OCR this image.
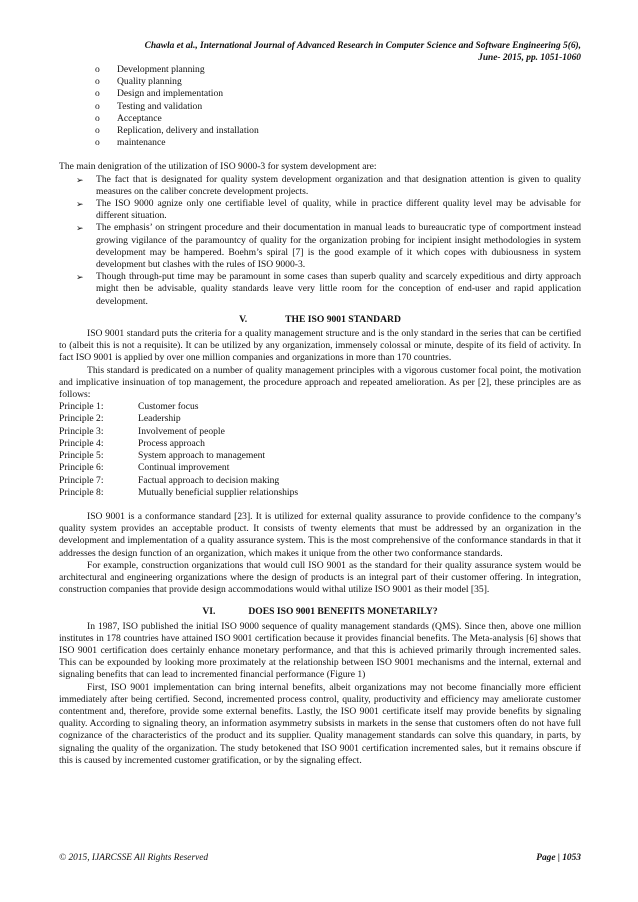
Chawla et al., International Journal of Advanced Research in Computer Science and Software Engineering 5(6),
June- 2015, pp. 1051-1060
o Development planning
o Quality planning
o Design and implementation
o Testing and validation
o Acceptance
o Replication, delivery and installation
o maintenance

The main denigration of the utilization of ISO 9000-3 for system development are:

➢ The fact that is designated for quality system development organization and that designation attention is given to quality measures on the caliber concrete development projects.
➢ The ISO 9000 agnize only one certifiable level of quality, while in practice different quality level may be advisable for different situation.
➢ The emphasis’ on stringent procedure and their documentation in manual leads to bureaucratic type of comportment instead growing vigilance of the paramountcy of quality for the organization probing for incipient insight methodologies in system development may be hampered. Boehm’s spiral [7] is the good example of it which copes with dubiousness in system development but clashes with the rules of ISO 9000-3.
➢ Though through-put time may be paramount in some cases than superb quality and scarcely expeditious and dirty approach might then be advisable, quality standards leave very little room for the conception of end-user and rapid application development.
V.	THE ISO 9001 STANDARD

ISO 9001 standard puts the criteria for a quality management structure and is the only standard in the series that can be certified to (albeit this is not a requisite). It can be utilized by any organization, immensely colossal or minute, despite of its field of activity. In fact ISO 9001 is applied by over one million companies and organizations in more than 170 countries.

This standard is predicated on a number of quality management principles with a vigorous customer focal point, the motivation and implicative insinuation of top management, the procedure approach and repeated amelioration. As per [2], these principles are as follows:

Principle 1:	Customer focus
Principle 2:	Leadership
Principle 3:	Involvement of people
Principle 4:	Process approach
Principle 5:	System approach to management
Principle 6:	Continual improvement
Principle 7:	Factual approach to decision making
Principle 8:	Mutually beneficial supplier relationships

ISO 9001 is a conformance standard [23]. It is utilized for external quality assurance to provide confidence to the company’s quality system provides an acceptable product. It consists of twenty elements that must be addressed by an organization in the development and implementation of a quality assurance system. This is the most comprehensive of the conformance standards in that it addresses the design function of an organization, which makes it unique from the other two conformance standards.

For example, construction organizations that would cull ISO 9001 as the standard for their quality assurance system would be architectural and engineering organizations where the design of products is an integral part of their customer offering. In integration, construction companies that provide design accommodations would withal utilize ISO 9001 as their model [35].

VI.	DOES ISO 9001 BENEFITS MONETARILY?

In 1987, ISO published the initial ISO 9000 sequence of quality management standards (QMS). Since then, above one million institutes in 178 countries have attained ISO 9001 certification because it provides financial benefits. The Meta-analysis [6] shows that ISO 9001 certification does certainly enhance monetary performance, and that this is achieved primarily through incremented sales. This can be expounded by looking more proximately at the relationship between ISO 9001 mechanisms and the internal, external and signaling benefits that can lead to incremented financial performance (Figure 1)

First, ISO 9001 implementation can bring internal benefits, albeit organizations may not become financially more efficient immediately after being certified. Second, incremented process control, quality, productivity and efficiency may ameliorate customer contentment and, therefore, provide some external benefits. Lastly, the ISO 9001 certificate itself may provide benefits by signaling quality. According to signaling theory, an information asymmetry subsists in markets in the sense that customers often do not have full cognizance of the characteristics of the product and its supplier. Quality management standards can solve this quandary, in parts, by signaling the quality of the organization. The study betokened that ISO 9001 certification incremented sales, but it remains obscure if this is caused by incremented customer gratification, or by the signaling effect.

© 2015, IJARCSSE All Rights Reserved	Page | 1053
